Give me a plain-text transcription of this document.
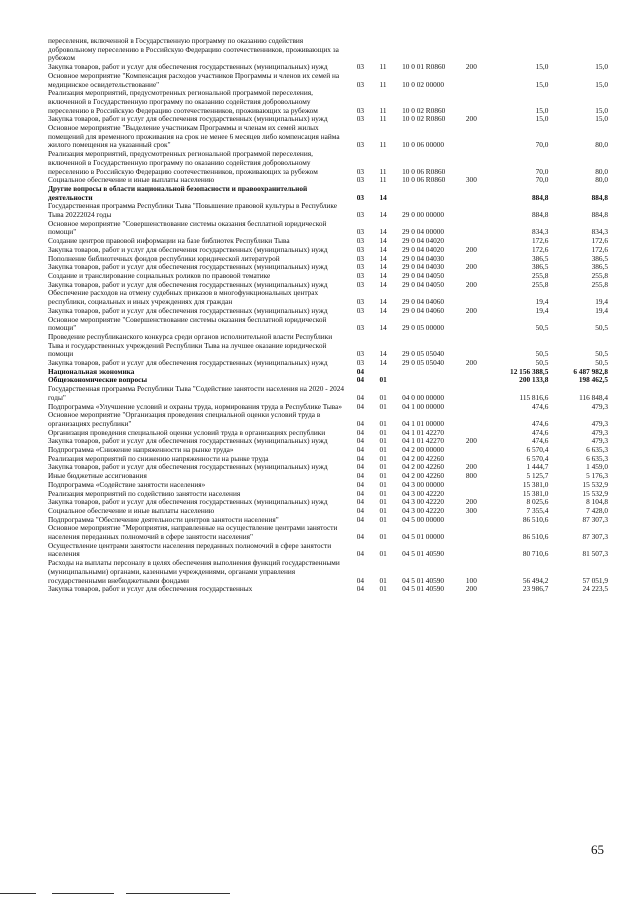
переселения, включенной в Государственную программу по оказанию содействия добровольному переселению в Российскую Федерацию соотечественников, проживающих за рубежом						
Закупка товаров, работ и услуг для обеспечения государственных (муниципальных) нужд	03	11	10 0 01 R0860	200	15,0	15,0
Основное мероприятие "Компенсация расходов участников Программы и членов их семей на медицинское освидетельствование"	03	11	10 0 02 00000		15,0	15,0
Реализация мероприятий, предусмотренных региональной программой переселения, включенной в Государственную программу по оказанию содействия добровольному переселению в Российскую Федерацию соотечественников, проживающих за рубежом	03	11	10 0 02 R0860		15,0	15,0
Закупка товаров, работ и услуг для обеспечения государственных (муниципальных) нужд	03	11	10 0 02 R0860	200	15,0	15,0
Основное мероприятие "Выделение участникам Программы и членам их семей жилых помещений для временного проживания на срок не менее 6 месяцев либо компенсация найма жилого помещения на указанный срок"	03	11	10 0 06 00000		70,0	80,0
Реализация мероприятий, предусмотренных региональной программой переселения, включенной в Государственную программу по оказанию содействия добровольному переселению в Российскую Федерацию соотечественников, проживающих за рубежом	03	11	10 0 06 R0860		70,0	80,0
Социальное обеспечение и иные выплаты населению	03	11	10 0 06 R0860	300	70,0	80,0
Другие вопросы в области национальной безопасности и правоохранительной деятельности	03	14			884,8	884,8
Государственная программа Республики Тыва "Повышение правовой культуры в Республике Тыва 20222024 годы	03	14	29 0 00 00000		884,8	884,8
Основное мероприятие "Совершенствование системы оказания бесплатной юридической помощи"	03	14	29 0 04 00000		834,3	834,3
Создание центров правовой информации на базе библиотек Республики Тыва	03	14	29 0 04 04020		172,6	172,6
Закупка товаров, работ и услуг для обеспечения государственных (муниципальных) нужд	03	14	29 0 04 04020	200	172,6	172,6
Пополнение библиотечных фондов республики юридической литературой	03	14	29 0 04 04030		386,5	386,5
Закупка товаров, работ и услуг для обеспечения государственных (муниципальных) нужд	03	14	29 0 04 04030	200	386,5	386,5
Создание и транслирование социальных роликов по правовой тематике	03	14	29 0 04 04050		255,8	255,8
Закупка товаров, работ и услуг для обеспечения государственных (муниципальных) нужд	03	14	29 0 04 04050	200	255,8	255,8
Обеспечение расходов на отмену судебных приказов в многофункциональных центрах республики, социальных и иных учреждениях для граждан	03	14	29 0 04 04060		19,4	19,4
Закупка товаров, работ и услуг для обеспечения государственных (муниципальных) нужд	03	14	29 0 04 04060	200	19,4	19,4
Основное мероприятие "Совершенствование системы оказания бесплатной юридической помощи"	03	14	29 0 05 00000		50,5	50,5
Проведение республиканского конкурса среди органов исполнительной власти Республики Тыва и государственных учреждений Республики Тыва на лучшее оказание юридической помощи	03	14	29 0 05 05040		50,5	50,5
Закупка товаров, работ и услуг для обеспечения государственных (муниципальных) нужд	03	14	29 0 05 05040	200	50,5	50,5
Национальная экономика	04				12 156 388,5	6 487 982,8
Общеэкономические вопросы	04	01			200 133,8	198 462,5
Государственная программа Республики Тыва "Содействие занятости населения на 2020 - 2024 годы"	04	01	04 0 00 00000		115 816,6	116 848,4
Подпрограмма «Улучшение условий и охраны труда, нормирования труда в Республике Тыва»	04	01	04 1 00 00000		474,6	479,3
Основное мероприятие "Организация проведения специальной оценки условий труда в организациях республики"	04	01	04 1 01 00000		474,6	479,3
Организация проведения специальной оценки условий труда в организациях республики	04	01	04 1 01 42270		474,6	479,3
Закупка товаров, работ и услуг для обеспечения государственных (муниципальных) нужд	04	01	04 1 01 42270	200	474,6	479,3
Подпрограмма «Снижение напряженности на рынке труда»	04	01	04 2 00 00000		6 570,4	6 635,3
Реализация мероприятий по снижению напряженности на рынке труда	04	01	04 2 00 42260		6 570,4	6 635,3
Закупка товаров, работ и услуг для обеспечения государственных (муниципальных) нужд	04	01	04 2 00 42260	200	1 444,7	1 459,0
Иные бюджетные ассигнования	04	01	04 2 00 42260	800	5 125,7	5 176,3
Подпрограмма «Содействие занятости населения»	04	01	04 3 00 00000		15 381,0	15 532,9
Реализация мероприятий по содействию занятости населения	04	01	04 3 00 42220		15 381,0	15 532,9
Закупка товаров, работ и услуг для обеспечения государственных (муниципальных) нужд	04	01	04 3 00 42220	200	8 025,6	8 104,8
Социальное обеспечение и иные выплаты населению	04	01	04 3 00 42220	300	7 355,4	7 428,0
Подпрограмма "Обеспечение деятельности центров занятости населения"	04	01	04 5 00 00000		86 510,6	87 307,3
Основное мероприятие "Мероприятия, направленные на осуществление центрами занятости населения переданных полномочий в сфере занятости населения"	04	01	04 5 01 00000		86 510,6	87 307,3
Осуществление центрами занятости населения переданных полномочий в сфере занятости населения	04	01	04 5 01 40590		80 710,6	81 507,3
Расходы на выплаты персоналу в целях обеспечения выполнения функций государственными (муниципальными) органами, казенными учреждениями, органами управления государственными внебюджетными фондами	04	01	04 5 01 40590	100	56 494,2	57 051,9
Закупка товаров, работ и услуг для обеспечения государственных	04	01	04 5 01 40590	200	23 986,7	24 223,5
65
